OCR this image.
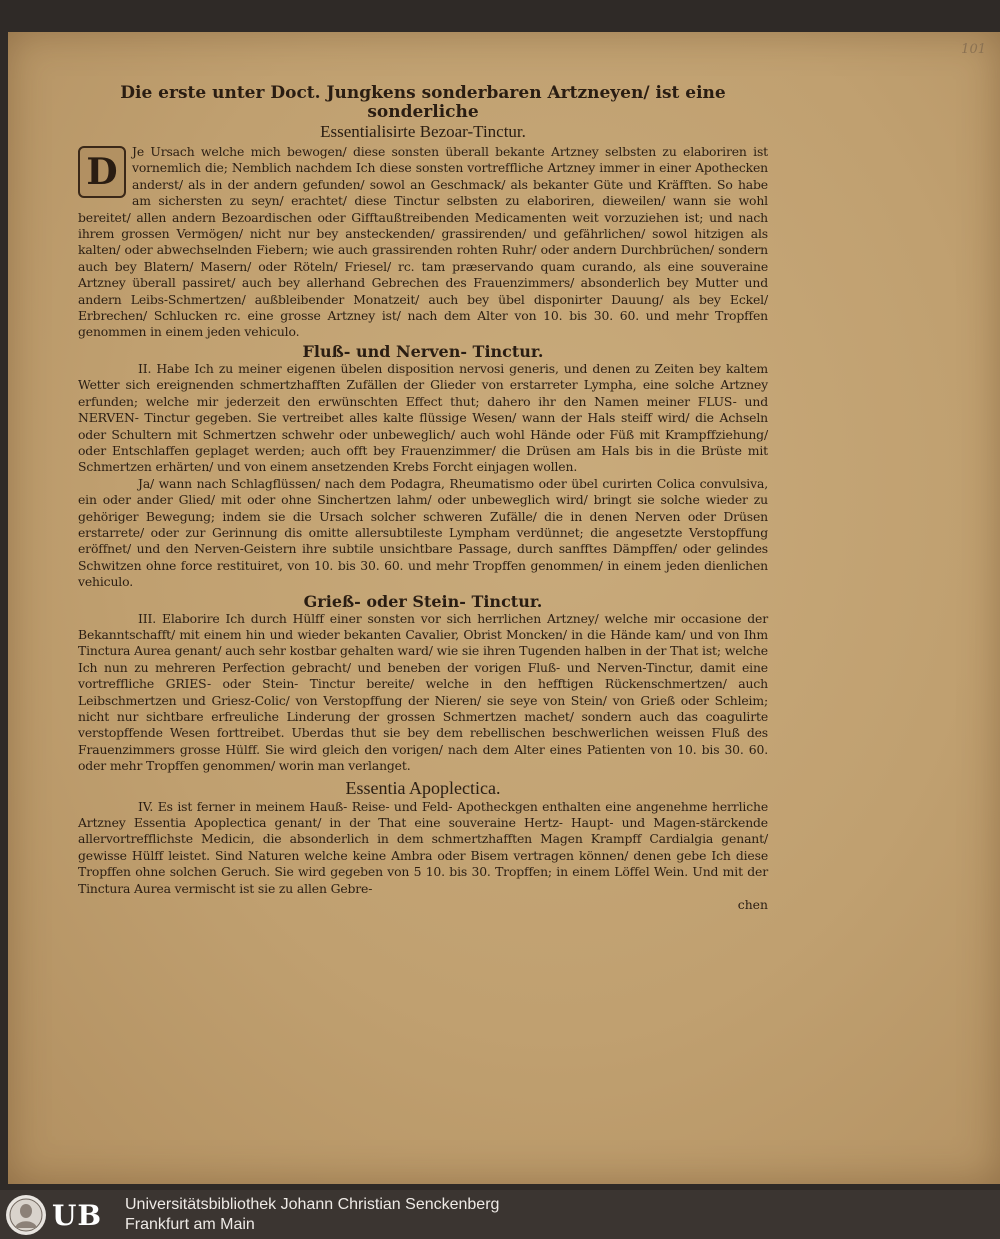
101

Die erste unter Doct. Jungkens sonderbaren Artzneyen/ ist eine sonderliche

Essentialisirte Bezoar-Tinctur.

D	Je Ursach welche mich bewogen/ diese sonsten überall bekante Artzney selbsten zu elaboriren ist vornemlich die; Nemblich nachdem Ich diese sonsten vortreffliche Artzney immer in einer Apothecken anderst/ als in der andern gefunden/ sowol an Geschmack/ als bekanter Güte und Kräfften. So habe am sichersten zu seyn/ erachtet/ diese Tinctur selbsten zu elaboriren, dieweilen/ wann sie wohl bereitet/ allen andern Bezoardischen oder Gifftaußtreibenden Medicamenten weit vorzuziehen ist; und nach ihrem grossen Vermögen/ nicht nur bey ansteckenden/ grassirenden/ und gefährlichen/ sowol hitzigen als kalten/ oder abwechselnden Fiebern; wie auch grassirenden rohten Ruhr/ oder andern Durchbrüchen/ sondern auch bey Blatern/ Masern/ oder Röteln/ Friesel/ rc. tam præservando quam curando, als eine souveraine Artzney überall passiret/ auch bey allerhand Gebrechen des Frauenzimmers/ absonderlich bey Mutter und andern Leibs-Schmertzen/ außbleibender Monatzeit/ auch bey übel disponirter Dauung/ als bey Eckel/ Erbrechen/ Schlucken rc. eine grosse Artzney ist/ nach dem Alter von 10. bis 30. 60. und mehr Tropffen genommen in einem jeden vehiculo.

Fluß- und Nerven- Tinctur.

II. Habe Ich zu meiner eigenen übelen disposition nervosi generis, und denen zu Zeiten bey kaltem Wetter sich ereignenden schmertzhafften Zufällen der Glieder von erstarreter Lympha, eine solche Artzney erfunden; welche mir jederzeit den erwünschten Effect thut; dahero ihr den Namen meiner FLUS- und NERVEN- Tinctur gegeben. Sie vertreibet alles kalte flüssige Wesen/ wann der Hals steiff wird/ die Achseln oder Schultern mit Schmertzen schwehr oder unbeweglich/ auch wohl Hände oder Füß mit Krampffziehung/ oder Entschlaffen geplaget werden; auch offt bey Frauenzimmer/ die Drüsen am Hals bis in die Brüste mit Schmertzen erhärten/ und von einem ansetzenden Krebs Forcht einjagen wollen.

Ja/ wann nach Schlagflüssen/ nach dem Podagra, Rheumatismo oder übel curirten Colica convulsiva, ein oder ander Glied/ mit oder ohne Sinchertzen lahm/ oder unbeweglich wird/ bringt sie solche wieder zu gehöriger Bewegung; indem sie die Ursach solcher schweren Zufälle/ die in denen Nerven oder Drüsen erstarrete/ oder zur Gerinnung dis omitte allersubtileste Lympham verdünnet; die angesetzte Verstopffung eröffnet/ und den Nerven-Geistern ihre subtile unsichtbare Passage, durch sanfftes Dämpffen/ oder gelindes Schwitzen ohne force restituiret, von 10. bis 30. 60. und mehr Tropffen genommen/ in einem jeden dienlichen vehiculo.

Grieß- oder Stein- Tinctur.

III. Elaborire Ich durch Hülff einer sonsten vor sich herrlichen Artzney/ welche mir occasione der Bekanntschafft/ mit einem hin und wieder bekanten Cavalier, Obrist Moncken/ in die Hände kam/ und von Ihm Tinctura Aurea genant/ auch sehr kostbar gehalten ward/ wie sie ihren Tugenden halben in der That ist; welche Ich nun zu mehreren Perfection gebracht/ und beneben der vorigen Fluß- und Nerven-Tinctur, damit eine vortreffliche GRIES- oder Stein- Tinctur bereite/ welche in den hefftigen Rückenschmertzen/ auch Leibschmertzen und Griesz-Colic/ von Verstopffung der Nieren/ sie seye von Stein/ von Grieß oder Schleim; nicht nur sichtbare erfreuliche Linderung der grossen Schmertzen machet/ sondern auch das coagulirte verstopffende Wesen forttreibet. Uberdas thut sie bey dem rebellischen beschwerlichen weissen Fluß des Frauenzimmers grosse Hülff. Sie wird gleich den vorigen/ nach dem Alter eines Patienten von 10. bis 30. 60. oder mehr Tropffen genommen/ worin man verlanget.

Essentia Apoplectica.

IV. Es ist ferner in meinem Hauß- Reise- und Feld- Apotheckgen enthalten eine angenehme herrliche Artzney Essentia Apoplectica genant/ in der That eine souveraine Hertz- Haupt- und Magen-stärckende allervortrefflichste Medicin, die absonderlich in dem schmertzhafften Magen Krampff Cardialgia genant/ gewisse Hülff leistet. Sind Naturen welche keine Ambra oder Bisem vertragen können/ denen gebe Ich diese Tropffen ohne solchen Geruch. Sie wird gegeben von 5 10. bis 30. Tropffen; in einem Löffel Wein. Und mit der Tinctura Aurea vermischt ist sie zu allen Gebre-

chen

UB Universitätsbibliothek Johann Christian Senckenberg
Frankfurt am Main
